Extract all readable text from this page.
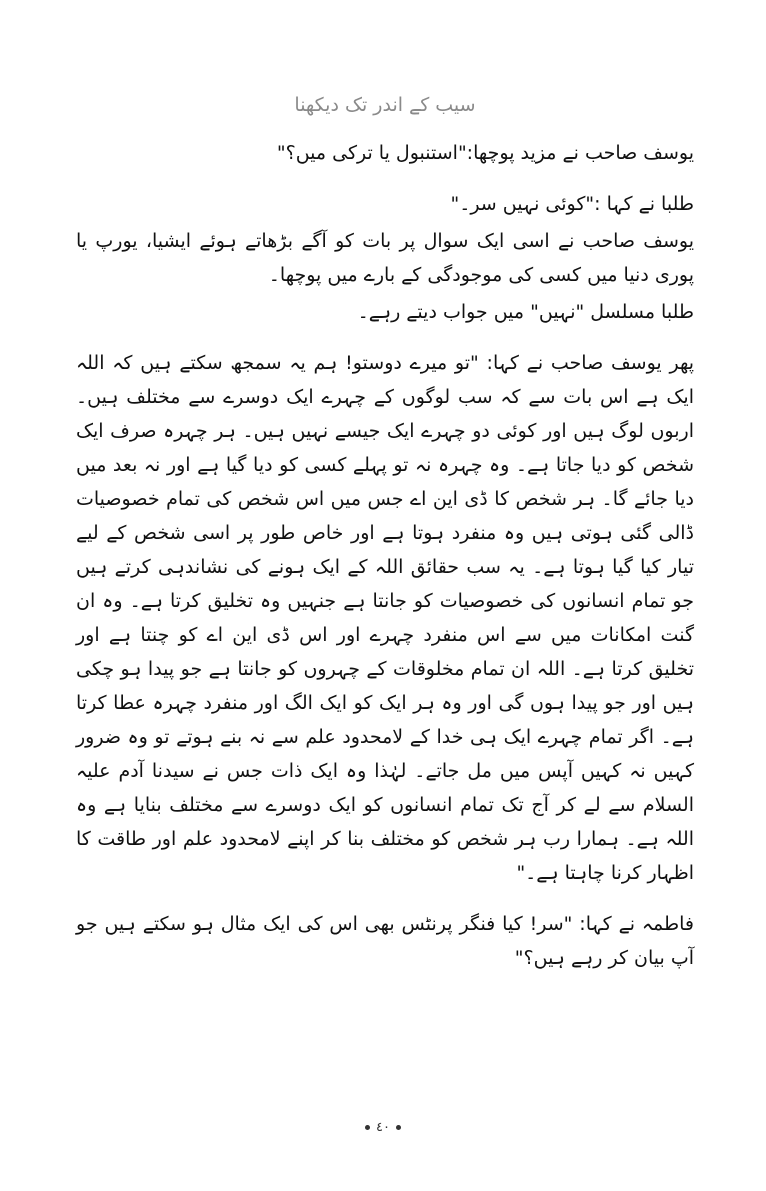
سیب کے اندر تک دیکھنا

یوسف صاحب نے مزید پوچھا:"استنبول یا ترکی میں؟"

طلبا نے کہا :"کوئی نہیں سر۔"

یوسف صاحب نے اسی ایک سوال پر بات کو آگے بڑھاتے ہوئے ایشیا، یورپ یا پوری دنیا میں کسی کی موجودگی کے بارے میں پوچھا۔

طلبا مسلسل "نہیں" میں جواب دیتے رہے۔

پھر یوسف صاحب نے کہا: "تو میرے دوستو! ہم یہ سمجھ سکتے ہیں کہ اللہ ایک ہے اس بات سے کہ سب لوگوں کے چہرے ایک دوسرے سے مختلف ہیں۔ اربوں لوگ ہیں اور کوئی دو چہرے ایک جیسے نہیں ہیں۔ ہر چہرہ صرف ایک شخص کو دیا جاتا ہے۔ وہ چہرہ نہ تو پہلے کسی کو دیا گیا ہے اور نہ بعد میں دیا جائے گا۔ ہر شخص کا ڈی این اے جس میں اس شخص کی تمام خصوصیات ڈالی گئی ہوتی ہیں وہ منفرد ہوتا ہے اور خاص طور پر اسی شخص کے لیے تیار کیا گیا ہوتا ہے۔ یہ سب حقائق اللہ کے ایک ہونے کی نشاندہی کرتے ہیں جو تمام انسانوں کی خصوصیات کو جانتا ہے جنہیں وہ تخلیق کرتا ہے۔ وہ ان گنت امکانات میں سے اس منفرد چہرے اور اس ڈی این اے کو چنتا ہے اور تخلیق کرتا ہے۔ اللہ ان تمام مخلوقات کے چہروں کو جانتا ہے جو پیدا ہو چکی ہیں اور جو پیدا ہوں گی اور وہ ہر ایک کو ایک الگ اور منفرد چہرہ عطا کرتا ہے۔ اگر تمام چہرے ایک ہی خدا کے لامحدود علم سے نہ بنے ہوتے تو وہ ضرور کہیں نہ کہیں آپس میں مل جاتے۔ لہٰذا وہ ایک ذات جس نے سیدنا آدم علیہ السلام سے لے کر آج تک تمام انسانوں کو ایک دوسرے سے مختلف بنایا ہے وہ اللہ ہے۔ ہمارا رب ہر شخص کو مختلف بنا کر اپنے لامحدود علم اور طاقت کا اظہار کرنا چاہتا ہے۔"

فاطمہ نے کہا: "سر! کیا فنگر پرنٹس بھی اس کی ایک مثال ہو سکتے ہیں جو آپ بیان کر رہے ہیں؟"

٤٠
